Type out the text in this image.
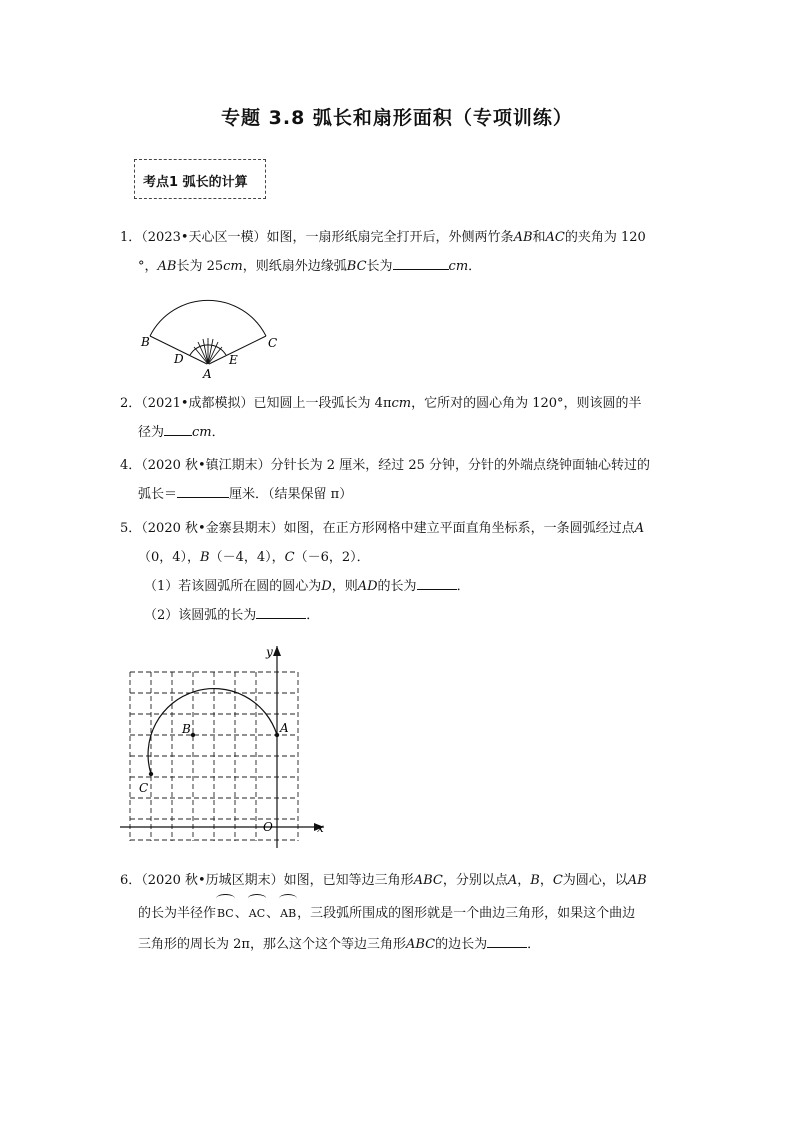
专题 3.8 弧长和扇形面积（专项训练）
考点1 弧长的计算
1．（2023•天心区一模）如图，一扇形纸扇完全打开后，外侧两竹条AB和AC的夹角为 120
°，AB长为 25cm，则纸扇外边缘弧BC长为	cm．
B	C
D	E
A
2．（2021•成都模拟）已知圆上一段弧长为 4πcm，它所对的圆心角为 120°，则该圆的半
径为 cm．
4．（2020 秋•镇江期末）分针长为 2 厘米，经过 25 分钟，分针的外端点绕钟面轴心转过的
弧长＝	厘米．（结果保留 π）
5．（2020 秋•金寨县期末）如图，在正方形网格中建立平面直角坐标系，一条圆弧经过点A
（0，4），B（－4，4），C（－6，2）．
（1）若该圆弧所在圆的圆心为D，则AD的长为	．
（2）该圆弧的长为	．
y
x
O
A
B
C
6．（2020 秋•历城区期末）如图，已知等边三角形ABC，分别以点A，B，C为圆心，以AB
的长为半径作BC、AC、AB，三段弧所围成的图形就是一个曲边三角形，如果这个曲边
三角形的周长为 2π，那么这个这个等边三角形ABC的边长为	．
